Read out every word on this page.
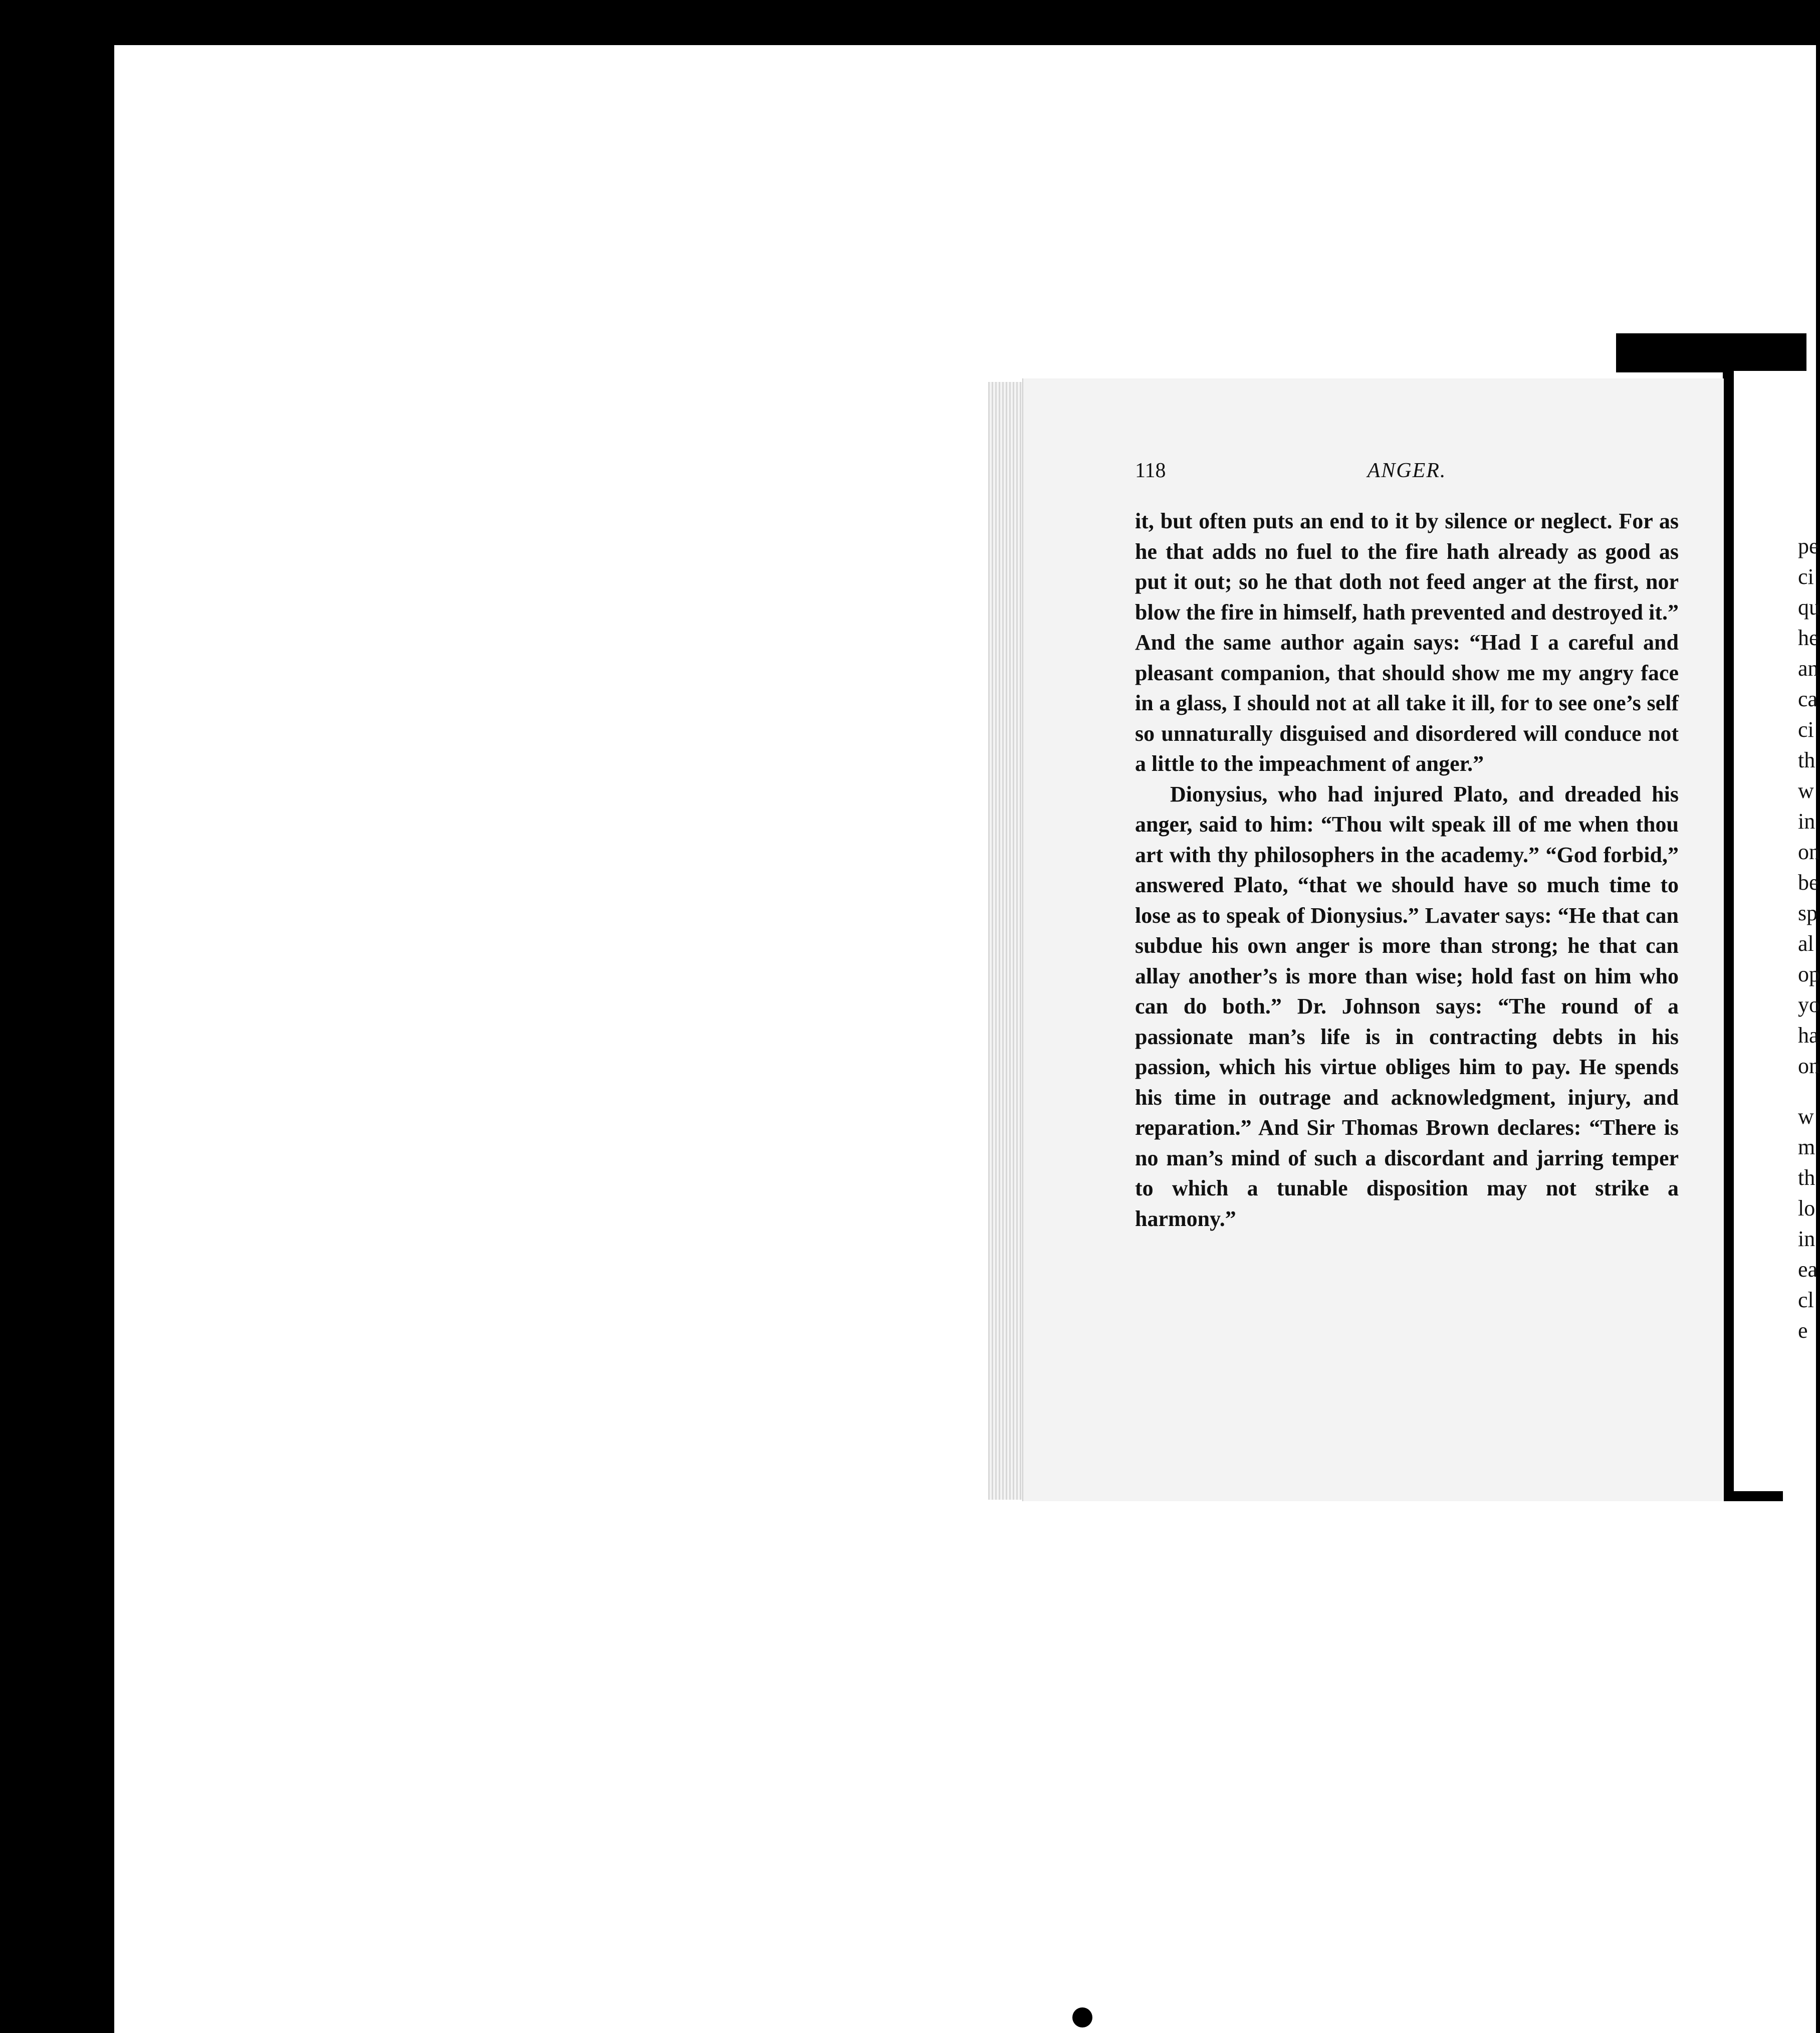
pe
ci
qu
he
an
ca
ci
th
w
in
on
be
sp
al
op
yo
ha
on
w
m
th
lo
in
ea
cl
e
118	ANGER.

it, but often puts an end to it by silence or neglect. For as he that adds no fuel to the fire hath already as good as put it out; so he that doth not feed anger at the first, nor blow the fire in himself, hath prevented and destroyed it.” And the same author again says: “Had I a careful and pleasant companion, that should show me my angry face in a glass, I should not at all take it ill, for to see one’s self so unnaturally disguised and disordered will conduce not a little to the impeachment of anger.”

Dionysius, who had injured Plato, and dreaded his anger, said to him: “Thou wilt speak ill of me when thou art with thy philosophers in the academy.” “God forbid,” answered Plato, “that we should have so much time to lose as to speak of Dionysius.” Lavater says: “He that can subdue his own anger is more than strong; he that can allay another’s is more than wise; hold fast on him who can do both.” Dr. Johnson says: “The round of a passionate man’s life is in contracting debts in his passion, which his virtue obliges him to pay. He spends his time in outrage and acknowledgment, injury, and reparation.” And Sir Thomas Brown declares: “There is no man’s mind of such a discordant and jarring temper to which a tunable disposition may not strike a harmony.”
